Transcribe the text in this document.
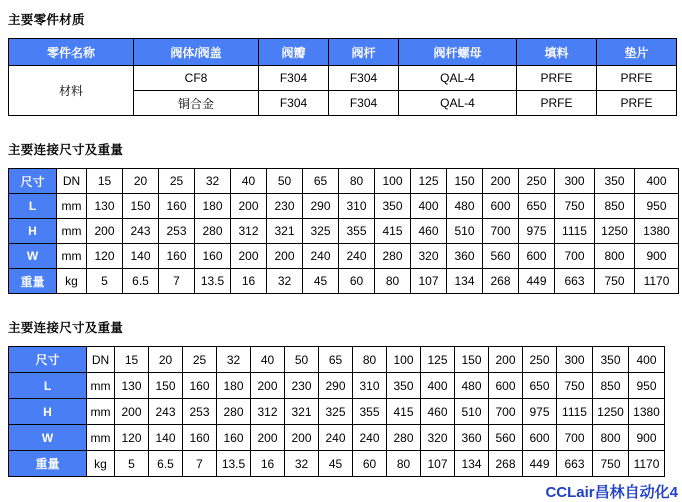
主要零件材质
零件名称	阀体/阀盖	阀瓣	阀杆	阀杆螺母	填料	垫片
材料	CF8	F304	F304	QAL-4	PRFE	PRFE
	铜合金	F304	F304	QAL-4	PRFE	PRFE
主要连接尺寸及重量
尺寸	DN	15	20	25	32	40	50	65	80	100	125	150	200	250	300	350	400
L	mm	130	150	160	180	200	230	290	310	350	400	480	600	650	750	850	950
H	mm	200	243	253	280	312	321	325	355	415	460	510	700	975	1115	1250	1380
W	mm	120	140	160	160	200	200	240	240	280	320	360	560	600	700	800	900
重量	kg	5	6.5	7	13.5	16	32	45	60	80	107	134	268	449	663	750	1170
主要连接尺寸及重量
尺寸	DN	15	20	25	32	40	50	65	80	100	125	150	200	250	300	350	400
L	mm	130	150	160	180	200	230	290	310	350	400	480	600	650	750	850	950
H	mm	200	243	253	280	312	321	325	355	415	460	510	700	975	1115	1250	1380
W	mm	120	140	160	160	200	200	240	240	280	320	360	560	600	700	800	900
重量	kg	5	6.5	7	13.5	16	32	45	60	80	107	134	268	449	663	750	1170
CCLair昌林自动化4
